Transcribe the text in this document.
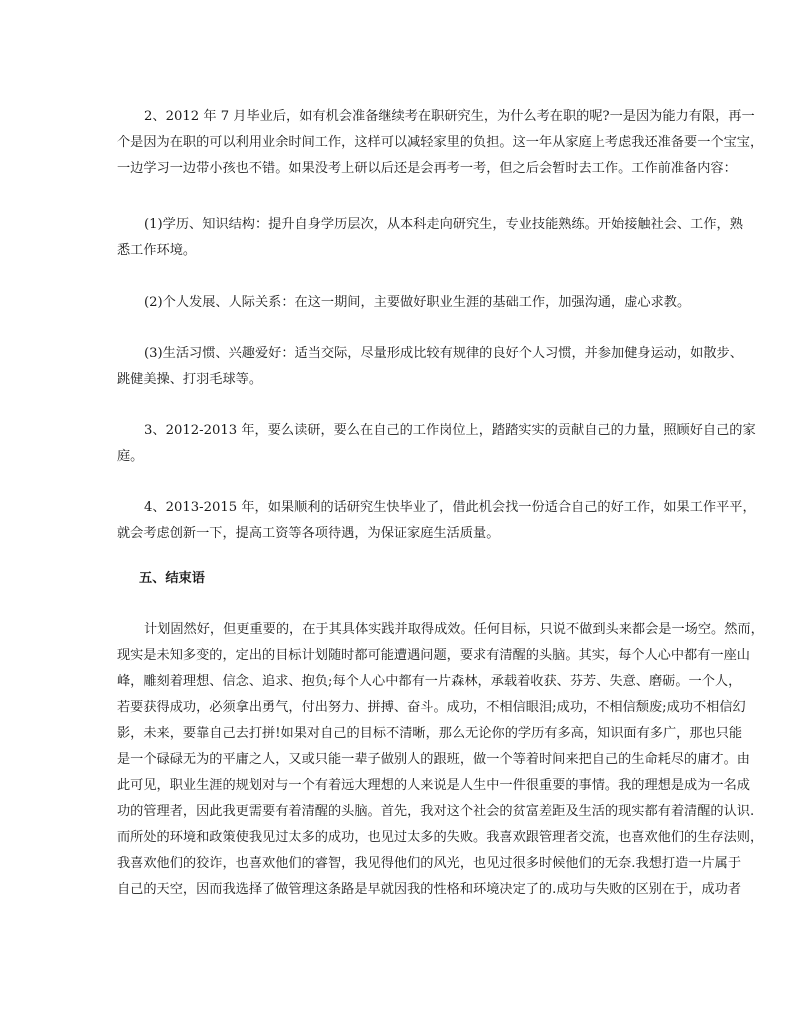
2、2012 年 7 月毕业后，如有机会准备继续考在职研究生，为什么考在职的呢?一是因为能力有限，再一
个是因为在职的可以利用业余时间工作，这样可以减轻家里的负担。这一年从家庭上考虑我还准备要一个宝宝，
一边学习一边带小孩也不错。如果没考上研以后还是会再考一考，但之后会暂时去工作。工作前准备内容：
(1)学历、知识结构：提升自身学历层次，从本科走向研究生，专业技能熟练。开始接触社会、工作，熟
悉工作环境。
(2)个人发展、人际关系：在这一期间，主要做好职业生涯的基础工作，加强沟通，虚心求教。
(3)生活习惯、兴趣爱好：适当交际，尽量形成比较有规律的良好个人习惯，并参加健身运动，如散步、
跳健美操、打羽毛球等。
3、2012-2013 年，要么读研，要么在自己的工作岗位上，踏踏实实的贡献自己的力量，照顾好自己的家
庭。
4、2013-2015 年，如果顺利的话研究生快毕业了，借此机会找一份适合自己的好工作，如果工作平平，
就会考虑创新一下，提高工资等各项待遇，为保证家庭生活质量。
五、结束语
计划固然好，但更重要的，在于其具体实践并取得成效。任何目标，只说不做到头来都会是一场空。然而，
现实是未知多变的，定出的目标计划随时都可能遭遇问题，要求有清醒的头脑。其实，每个人心中都有一座山
峰，雕刻着理想、信念、追求、抱负;每个人心中都有一片森林，承载着收获、芬芳、失意、磨砺。一个人，
若要获得成功，必须拿出勇气，付出努力、拼搏、奋斗。成功，不相信眼泪;成功，不相信颓废;成功不相信幻
影，未来，要靠自己去打拼!如果对自己的目标不清晰，那么无论你的学历有多高，知识面有多广，那也只能
是一个碌碌无为的平庸之人，又或只能一辈子做别人的跟班，做一个等着时间来把自己的生命耗尽的庸才。由
此可见，职业生涯的规划对与一个有着远大理想的人来说是人生中一件很重要的事情。我的理想是成为一名成
功的管理者，因此我更需要有着清醒的头脑。首先，我对这个社会的贫富差距及生活的现实都有着清醒的认识.
而所处的环境和政策使我见过太多的成功，也见过太多的失败。我喜欢跟管理者交流，也喜欢他们的生存法则，
我喜欢他们的狡诈，也喜欢他们的睿智，我见得他们的风光，也见过很多时候他们的无奈.我想打造一片属于
自己的天空，因而我选择了做管理这条路是早就因我的性格和环境决定了的.成功与失败的区别在于，成功者
